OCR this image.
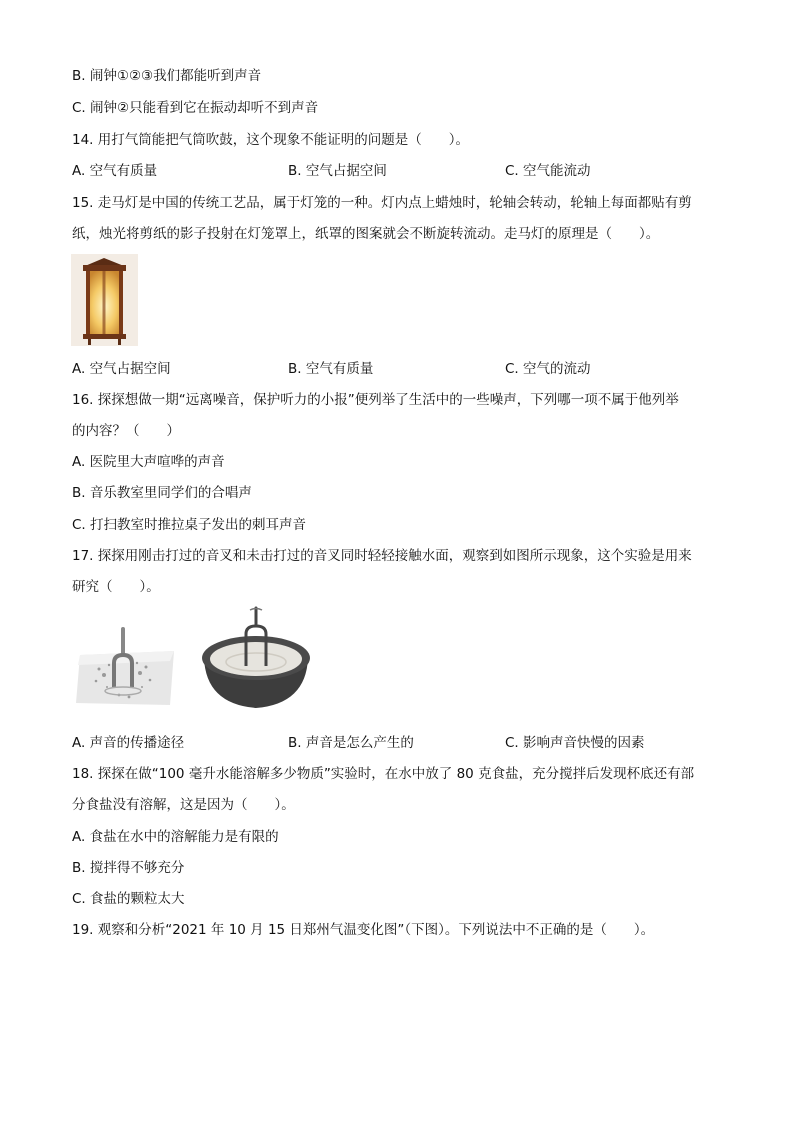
B. 闹钟①②③我们都能听到声音
C. 闹钟②只能看到它在振动却听不到声音
14. 用打气筒能把气筒吹鼓，这个现象不能证明的问题是（　　）。
A. 空气有质量	B. 空气占据空间	C. 空气能流动
15. 走马灯是中国的传统工艺品，属于灯笼的一种。灯内点上蜡烛时，轮轴会转动，轮轴上每面都贴有剪
纸，烛光将剪纸的影子投射在灯笼罩上，纸罩的图案就会不断旋转流动。走马灯的原理是（　　）。
A. 空气占据空间	B. 空气有质量	C. 空气的流动
16. 探探想做一期“远离噪音，保护听力的小报”便列举了生活中的一些噪声，下列哪一项不属于他列举
的内容？（　　）
A. 医院里大声喧哗的声音
B. 音乐教室里同学们的合唱声
C. 打扫教室时推拉桌子发出的刺耳声音
17. 探探用刚击打过的音叉和未击打过的音叉同时轻轻接触水面，观察到如图所示现象，这个实验是用来
研究（　　）。
A. 声音的传播途径	B. 声音是怎么产生的	C. 影响声音快慢的因素
18. 探探在做“100 毫升水能溶解多少物质”实验时，在水中放了 80 克食盐，充分搅拌后发现杯底还有部
分食盐没有溶解，这是因为（　　）。
A. 食盐在水中的溶解能力是有限的
B. 搅拌得不够充分
C. 食盐的颗粒太大
19. 观察和分析“2021 年 10 月 15 日郑州气温变化图”（下图）。下列说法中不正确的是（　　）。
